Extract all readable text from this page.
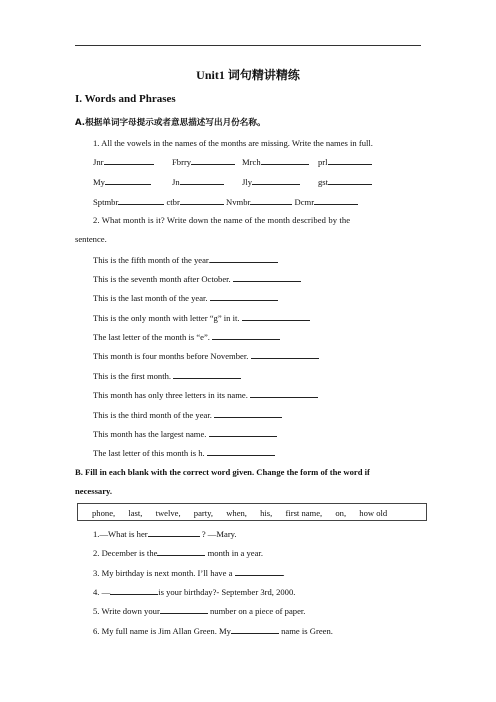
Unit1 词句精讲精练
I. Words and Phrases
A.根据单词字母提示或者意思描述写出月份名称。
1. All the vowels in the names of the months are missing. Write the names in full.
Jnr	Fbrry	Mrch	prl
My	Jn	Jly	gst
Sptmbr	ctbr	Nvmbr	Dcmr
2. What month is it? Write down the name of the month described by the
sentence.
This is the fifth month of the year.
This is the seventh month after October.
This is the last month of the year.
This is the only month with letter “g” in it.
The last letter of the month is “e”.
This month is four months before November.
This is the first month.
This month has only three letters in its name.
This is the third month of the year.
This month has the largest name.
The last letter of this month is h.
B. Fill in each blank with the correct word given. Change the form of the word if
necessary.
phone, last, twelve, party, when, his, first name, on, how old
1.—What is her	? —Mary.
2. December is the	month in a year.
3. My birthday is next month. I’ll have a	.
4. —	is your birthday?- September 3rd, 2000.
5. Write down your	number on a piece of paper.
6. My full name is Jim Allan Green. My	name is Green.
